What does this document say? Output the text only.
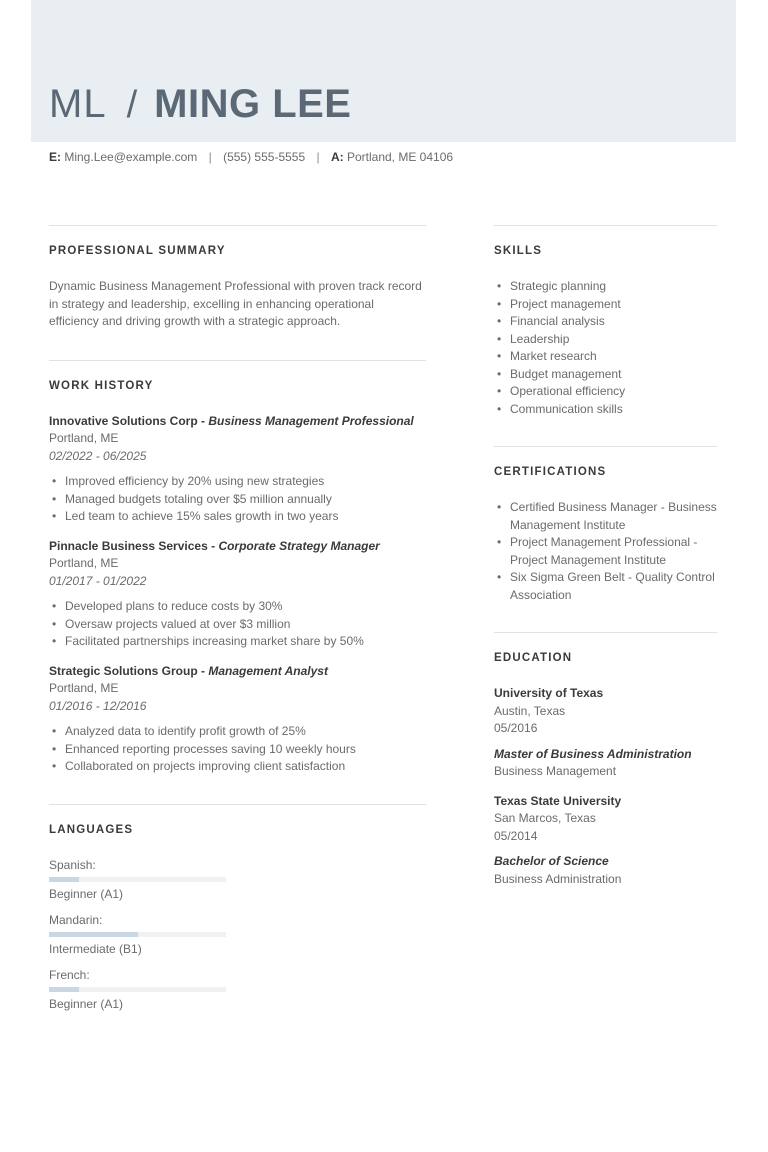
ML / MING LEE
E: Ming.Lee@example.com | (555) 555-5555 | A: Portland, ME 04106
PROFESSIONAL SUMMARY

Dynamic Business Management Professional with proven track record in strategy and leadership, excelling in enhancing operational efficiency and driving growth with a strategic approach.

WORK HISTORY
Innovative Solutions Corp - Business Management Professional
Portland, ME
02/2022 - 06/2025
• Improved efficiency by 20% using new strategies
• Managed budgets totaling over $5 million annually
• Led team to achieve 15% sales growth in two years
Pinnacle Business Services - Corporate Strategy Manager
Portland, ME
01/2017 - 01/2022
• Developed plans to reduce costs by 30%
• Oversaw projects valued at over $3 million
• Facilitated partnerships increasing market share by 50%
Strategic Solutions Group - Management Analyst
Portland, ME
01/2016 - 12/2016
• Analyzed data to identify profit growth of 25%
• Enhanced reporting processes saving 10 weekly hours
• Collaborated on projects improving client satisfaction
LANGUAGES
Spanish:
Beginner (A1)
Mandarin:
Intermediate (B1)
French:
Beginner (A1)
SKILLS
• Strategic planning
• Project management
• Financial analysis
• Leadership
• Market research
• Budget management
• Operational efficiency
• Communication skills
CERTIFICATIONS
• Certified Business Manager - Business Management Institute
• Project Management Professional - Project Management Institute
• Six Sigma Green Belt - Quality Control Association
EDUCATION
University of Texas
Austin, Texas
05/2016
Master of Business Administration
Business Management
Texas State University
San Marcos, Texas
05/2014
Bachelor of Science
Business Administration
